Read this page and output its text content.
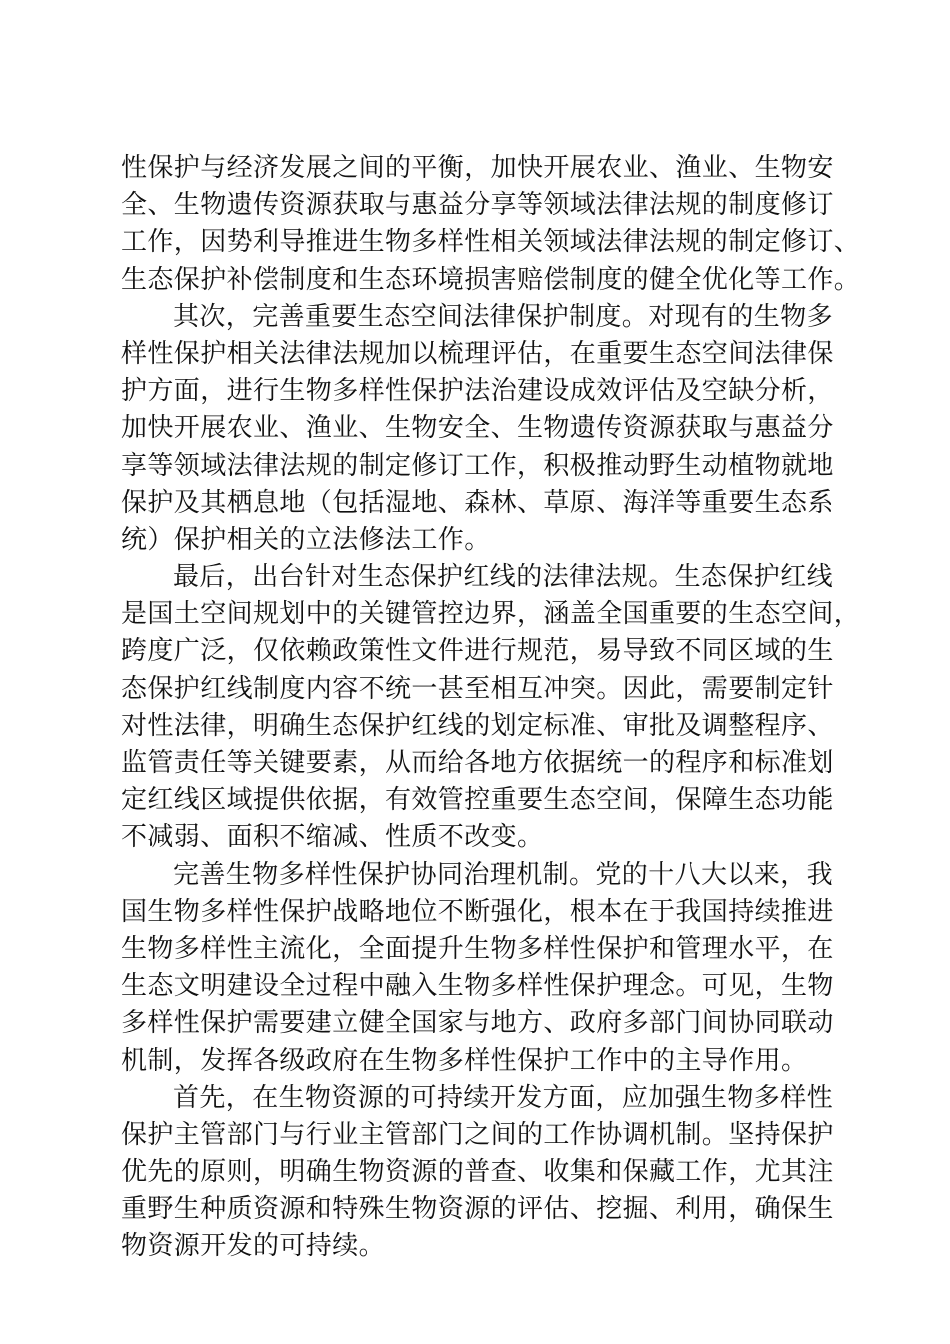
性保护与经济发展之间的平衡，加快开展农业、渔业、生物安
全、生物遗传资源获取与惠益分享等领域法律法规的制度修订
工作，因势利导推进生物多样性相关领域法律法规的制定修订、
生态保护补偿制度和生态环境损害赔偿制度的健全优化等工作。
其次，完善重要生态空间法律保护制度。对现有的生物多
样性保护相关法律法规加以梳理评估，在重要生态空间法律保
护方面，进行生物多样性保护法治建设成效评估及空缺分析，
加快开展农业、渔业、生物安全、生物遗传资源获取与惠益分
享等领域法律法规的制定修订工作，积极推动野生动植物就地
保护及其栖息地（包括湿地、森林、草原、海洋等重要生态系
统）保护相关的立法修法工作。
最后，出台针对生态保护红线的法律法规。生态保护红线
是国土空间规划中的关键管控边界，涵盖全国重要的生态空间，
跨度广泛，仅依赖政策性文件进行规范，易导致不同区域的生
态保护红线制度内容不统一甚至相互冲突。因此，需要制定针
对性法律，明确生态保护红线的划定标准、审批及调整程序、
监管责任等关键要素，从而给各地方依据统一的程序和标准划
定红线区域提供依据，有效管控重要生态空间，保障生态功能
不减弱、面积不缩减、性质不改变。
完善生物多样性保护协同治理机制。党的十八大以来，我
国生物多样性保护战略地位不断强化，根本在于我国持续推进
生物多样性主流化，全面提升生物多样性保护和管理水平，在
生态文明建设全过程中融入生物多样性保护理念。可见，生物
多样性保护需要建立健全国家与地方、政府多部门间协同联动
机制，发挥各级政府在生物多样性保护工作中的主导作用。
首先，在生物资源的可持续开发方面，应加强生物多样性
保护主管部门与行业主管部门之间的工作协调机制。坚持保护
优先的原则，明确生物资源的普查、收集和保藏工作，尤其注
重野生种质资源和特殊生物资源的评估、挖掘、利用，确保生
物资源开发的可持续。
